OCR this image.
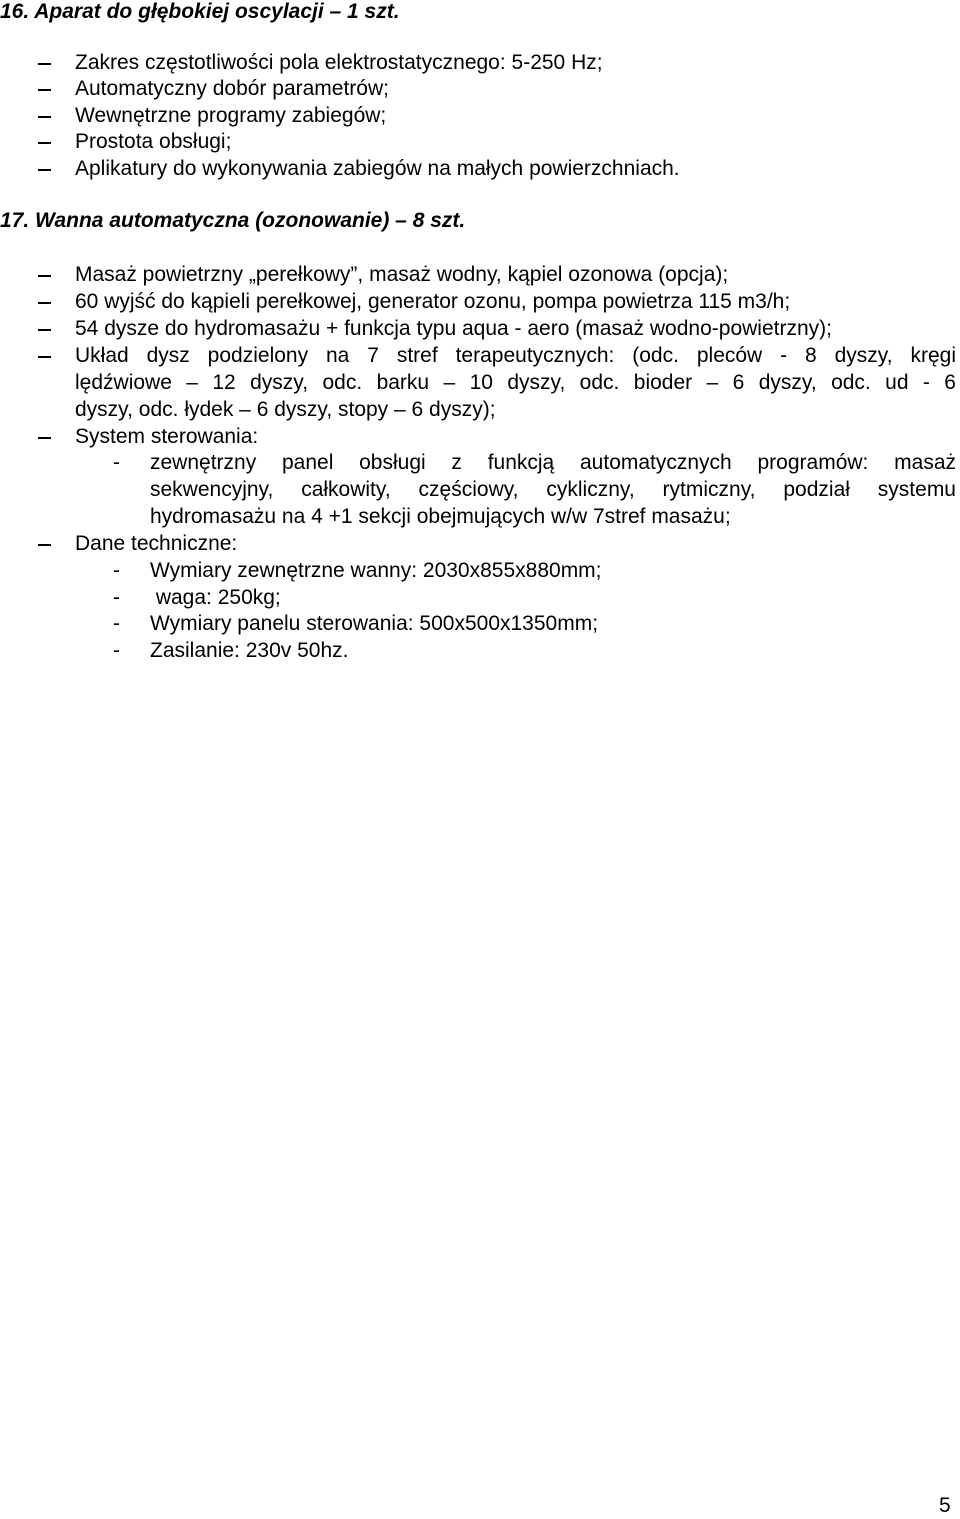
16. Aparat do głębokiej oscylacji – 1 szt.
Zakres częstotliwości pola elektrostatycznego: 5-250 Hz;
Automatyczny dobór parametrów;
Wewnętrzne programy zabiegów;
Prostota obsługi;
Aplikatury do wykonywania zabiegów na małych powierzchniach.
17. Wanna automatyczna (ozonowanie) – 8 szt.
Masaż powietrzny „perełkowy”, masaż wodny, kąpiel ozonowa (opcja);
60 wyjść do kąpieli perełkowej, generator ozonu, pompa powietrza 115 m3/h;
54 dysze do hydromasażu + funkcja typu aqua - aero (masaż wodno-powietrzny);
Układ dysz podzielony na 7 stref terapeutycznych: (odc. pleców - 8 dyszy, kręgi
lędźwiowe – 12 dyszy, odc. barku – 10 dyszy, odc. bioder – 6 dyszy, odc. ud - 6
dyszy, odc. łydek – 6 dyszy, stopy – 6 dyszy);
System sterowania:
- zewnętrzny panel obsługi z funkcją automatycznych programów: masaż
sekwencyjny, całkowity, częściowy, cykliczny, rytmiczny, podział systemu
hydromasażu na 4 +1 sekcji obejmujących w/w 7stref masażu;
Dane techniczne:
- Wymiary zewnętrzne wanny: 2030x855x880mm;
- waga: 250kg;
- Wymiary panelu sterowania: 500x500x1350mm;
- Zasilanie: 230v 50hz.
5
